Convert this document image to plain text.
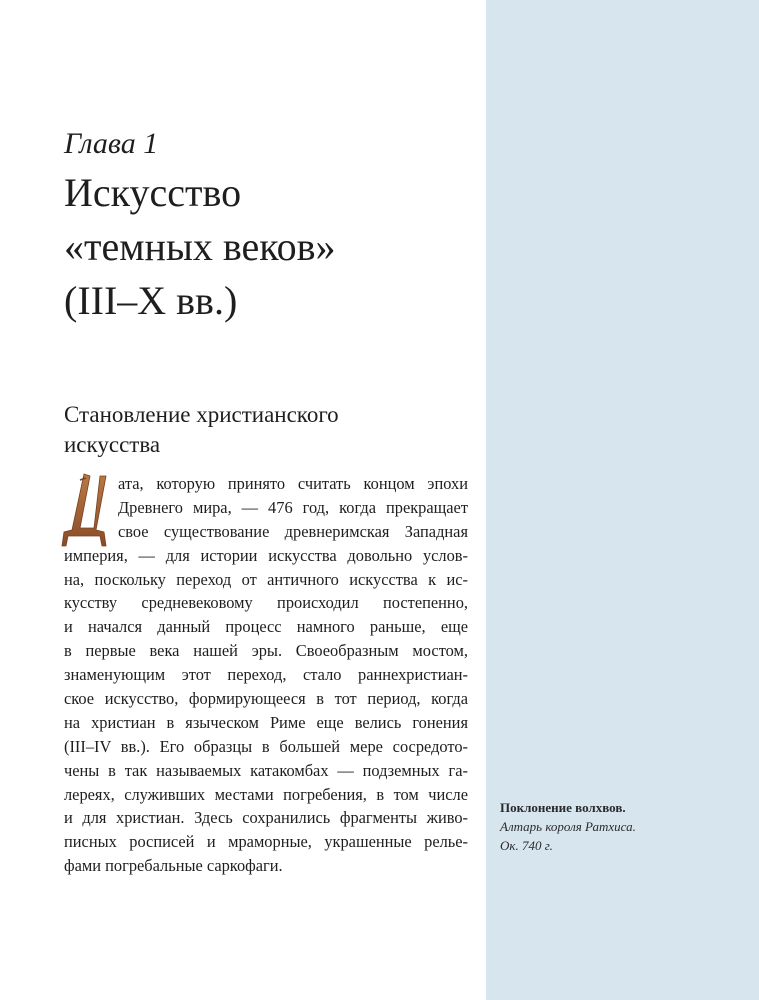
Глава 1
Искусство
«темных веков»
(III–X вв.)
Становление христианского
искусства
ата, которую принято считать концом эпохи
Древнего мира, — 476 год, когда прекращает
свое существование древнеримская Западная
империя, — для истории искусства довольно услов-
на, поскольку переход от античного искусства к ис-
кусству средневековому происходил постепенно,
и начался данный процесс намного раньше, еще
в первые века нашей эры. Своеобразным мостом,
знаменующим этот переход, стало раннехристиан-
ское искусство, формирующееся в тот период, когда
на христиан в языческом Риме еще велись гонения
(III–IV вв.). Его образцы в большей мере сосредото-
чены в так называемых катакомбах — подземных га-
лереях, служивших местами погребения, в том числе
и для христиан. Здесь сохранились фрагменты живо-
писных росписей и мраморные, украшенные релье-
фами погребальные саркофаги.
Поклонение волхвов.
Алтарь короля Ратхиса.
Ок. 740 г.
